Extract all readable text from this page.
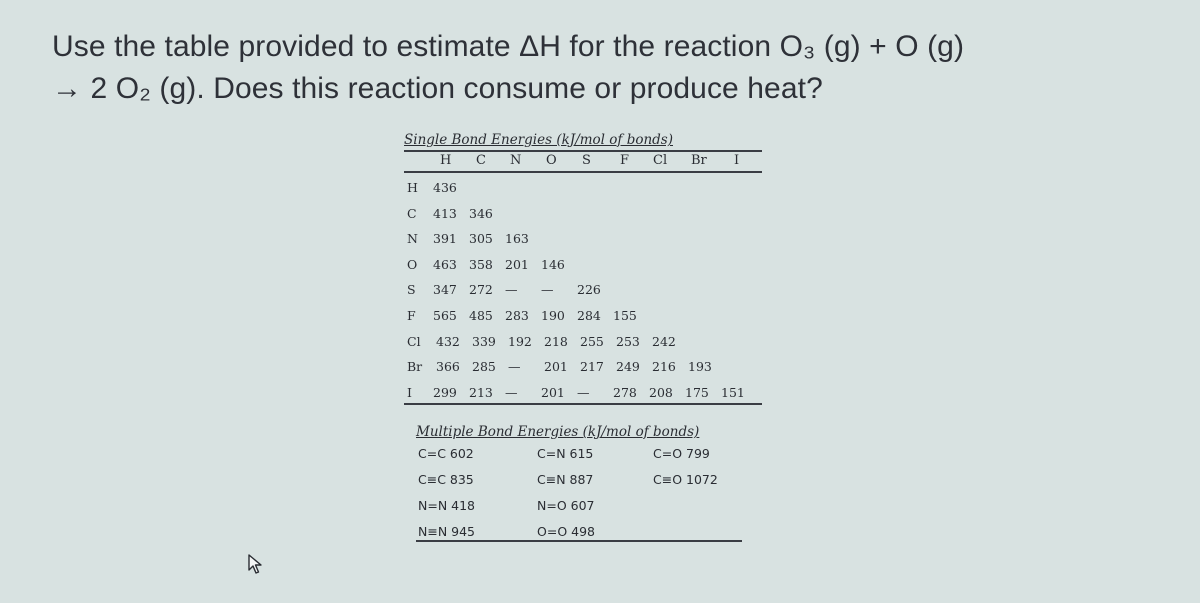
Use the table provided to estimate ΔH for the reaction O₃ (g) + O (g)
→ 2 O₂ (g). Does this reaction consume or produce heat?
Single Bond Energies (kJ/mol of bonds)
H C N O S F Cl Br I
H 436
C 413 346
N 391 305 163
O 463 358 201 146
S 347 272 — — 226
F 565 485 283 190 284 155
Cl 432 339 192 218 255 253 242
Br 366 285 — 201 217 249 216 193
I 299 213 — 201 — 278 208 175 151
Multiple Bond Energies (kJ/mol of bonds)
C=C 602
C≡C 835
N=N 418
N≡N 945
C=N 615
C≡N 887
N=O 607
O=O 498
C=O 799
C≡O 1072
